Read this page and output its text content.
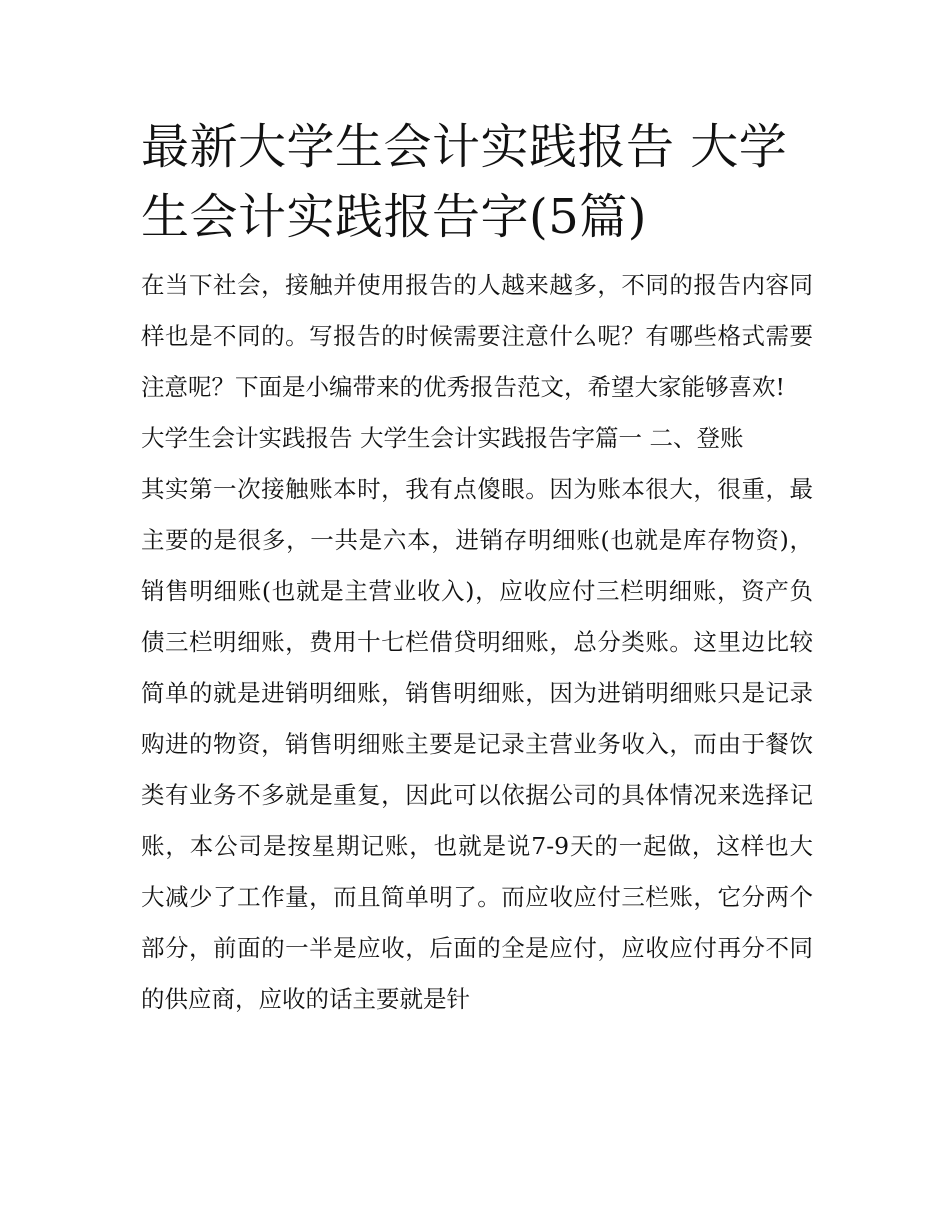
最新大学生会计实践报告 大学生会计实践报告字(5篇)

在当下社会，接触并使用报告的人越来越多，不同的报告内容同样也是不同的。写报告的时候需要注意什么呢？有哪些格式需要注意呢？下面是小编带来的优秀报告范文，希望大家能够喜欢!

大学生会计实践报告 大学生会计实践报告字篇一 二、登账

其实第一次接触账本时，我有点傻眼。因为账本很大，很重，最主要的是很多，一共是六本，进销存明细账(也就是库存物资)，销售明细账(也就是主营业收入)，应收应付三栏明细账，资产负债三栏明细账，费用十七栏借贷明细账，总分类账。这里边比较简单的就是进销明细账，销售明细账，因为进销明细账只是记录购进的物资，销售明细账主要是记录主营业务收入，而由于餐饮类有业务不多就是重复，因此可以依据公司的具体情况来选择记账，本公司是按星期记账，也就是说7-9天的一起做，这样也大大减少了工作量，而且简单明了。而应收应付三栏账，它分两个部分，前面的一半是应收，后面的全是应付，应收应付再分不同的供应商，应收的话主要就是针
